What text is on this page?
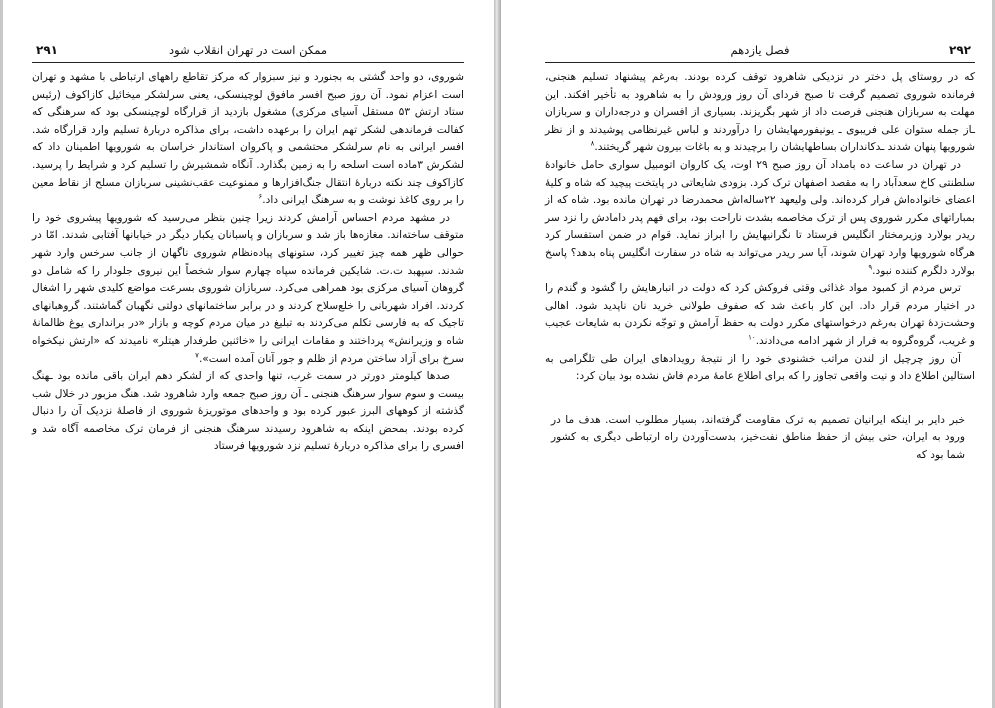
۲۹۱	ممکن است در تهران انقلاب شود

شوروی، دو واحد گشتی به بجنورد و نیز سبزوار که مرکز تقاطع راههای ارتباطی با مشهد و تهران است اعزام نمود. آن روز صبح افسر مافوق لوچینسکی، یعنی سرلشکر میخائیل کازاکوف (رئیس ستاد ارتش ۵۳ مستقل آسیای مرکزی) مشغول بازدید از قرارگاه لوچینسکی بود که سرهنگی که کفالت فرماندهی لشکر تهم ایران را برعهده داشت، برای مذاکره دربارهٔ تسلیم وارد قرارگاه شد. افسر ایرانی به نام سرلشکر محتشمی و پاکروان استاندار خراسان به شورویها اطمینان داد که لشکرش ۳ماده است اسلحه را به زمین بگذارد. آنگاه شمشیرش را تسلیم کرد و شرایط را پرسید. کازاکوف چند نکته دربارهٔ انتقال جنگ‌افزارها و ممنوعیت عقب‌نشینی سربازان مسلح از نقاط معین را بر روی کاغذ نوشت و به سرهنگ ایرانی داد.$^۶$

در مشهد مردم احساس آرامش کردند زیرا چنین بنظر می‌رسید که شورویها پیشروی خود را متوقف ساخته‌اند. مغازه‌ها باز شد و سربازان و پاسبانان یکبار دیگر در خیابانها آفتابی شدند. امّا در حوالی ظهر همه چیز تغییر کرد، ستونهای پیاده‌نظام شوروی ناگهان از جانب سرخس وارد شهر شدند. سپهبد ت.ت. شایکین فرمانده سپاه چهارم سوار شخصاً این نیروی جلودار را که شامل دو گروهان آسیای مرکزی بود همراهی می‌کرد. سربازان شوروی بسرعت مواضع کلیدی شهر را اشغال کردند. افراد شهربانی را خلع‌سلاح کردند و در برابر ساختمانهای دولتی نگهبان گماشتند. گروهبانهای تاجیک که به فارسی تکلم می‌کردند به تبلیغ در میان مردم کوچه و بازار «در برانداری یوغ ظالمانهٔ شاه و وزیرانش» پرداختند و مقامات ایرانی را «خائنین طرفدار هیتلر» نامیدند که «ارتش نیکخواه سرخ برای آزاد ساختن مردم از ظلم و جور آنان آمده است».$^۷$

صدها کیلومتر دورتر در سمت غرب، تنها واحدی که از لشکر دهم ایران باقی مانده بود ـهنگ بیست و سوم سوار سرهنگ هنجنی ـ آن روز صبح جمعه وارد شاهرود شد. هنگ مزبور در خلال شب گذشته از کوههای البرز عبور کرده بود و واحدهای موتوریزهٔ شوروی از فاصلهٔ نزدیک آن را دنبال کرده بودند. بمحض اینکه به شاهرود رسیدند سرهنگ هنجنی از فرمان ترک مخاصمه آگاه شد و افسری را برای مذاکره دربارهٔ تسلیم نزد شورویها فرستاد

۲۹۲
فصل یازدهم

که در روستای پل دختر در نزدیکی شاهرود توقف کرده بودند. بەرغم پیشنهاد تسلیم هنجنی، فرمانده شوروی تصمیم گرفت تا صبح فردای آن روز ورودش را به شاهرود به تأخیر افکند. این مهلت به سربازان هنجنی فرصت داد از شهر بگریزند. بسیاری از افسران و درجه‌داران و سربازان ـاز جمله ستوان علی فریبوی ـ یونیفورمهایشان را درآوردند و لباس غیرنظامی پوشیدند و از نظر شورویها پنهان شدند ـدکانداران بساطهایشان را برچیدند و به باغات بیرون شهر گریختند.$^۸$

در تهران در ساعت ده بامداد آن روز صبح ۲۹ اوت، یک کاروان اتومبیل سواری حامل خانوادهٔ سلطنتی کاخ سعدآباد را به مقصد اصفهان ترک کرد. بزودی شایعاتی در پایتخت پیچید که شاه و کلیهٔ اعضای خانواده‌اش فرار کرده‌اند. ولی ولیعهد ۲۲ساله‌اش محمدرضا در تهران مانده بود. شاه که از بمباراتهای مکرر شوروی پس از ترک مخاصمه بشدت ناراحت بود، برای فهم پدر دامادش را نزد سر ریدر بولارد وزیرمختار انگلیس فرستاد تا نگرانیهایش را ابراز نماید. قوام در ضمن استفسار کرد هرگاه شورویها وارد تهران شوند، آیا سر ریدر می‌تواند به شاه در سفارت انگلیس پناه بدهد؟ پاسخ بولارد دلگرم کننده نبود.$^۹$

ترس مردم از کمبود مواد غذائی وقتی فروکش کرد که دولت در انبارهایش را گشود و گندم را در اختیار مردم قرار داد. این کار باعث شد که صفوف طولانی خرید نان ناپدید شود. اهالی وحشت‌زدهٔ تهران به‌رغم درخواستهای مکرر دولت به حفظ آرامش و توجّه نکردن به شایعات عجیب و غریب، گروه‌گروه به فرار از شهر ادامه می‌دادند.$^{۱۰}$

آن روز چرچیل از لندن مراتب خشنودی خود را از نتیجهٔ رویدادهای ایران طی تلگرامی به استالین اطلاع داد و نیت واقعی تجاوز را که برای اطلاع عامهٔ مردم فاش نشده بود بیان کرد:

خبر دایر بر اینکه ایرانیان تصمیم به ترک مقاومت گرفته‌اند، بسیار مطلوب است. هدف ما در ورود به ایران، حتی بیش از حفظ مناطق نفت‌خیز، بدست‌آوردن راه ارتباطی دیگری به کشور شما بود که
